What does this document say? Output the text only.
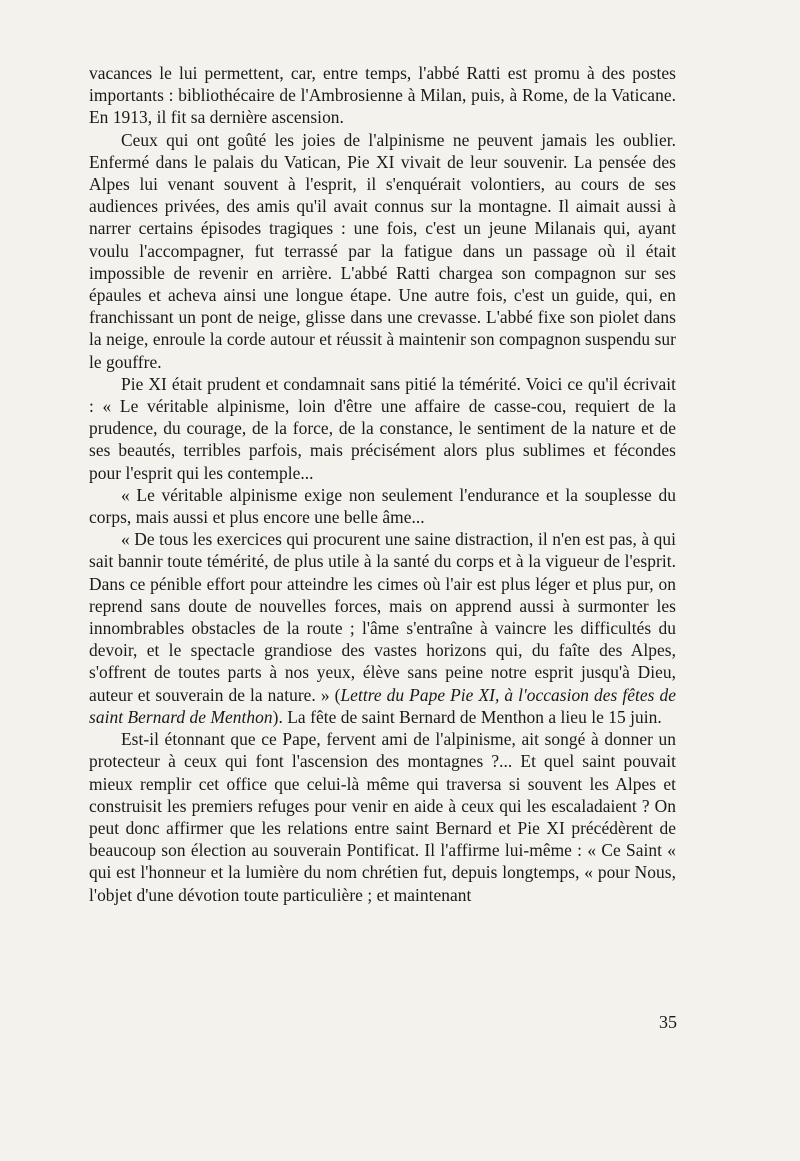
vacances le lui permettent, car, entre temps, l'abbé Ratti est promu à des postes importants : bibliothécaire de l'Ambrosienne à Milan, puis, à Rome, de la Vaticane. En 1913, il fit sa dernière ascension.

Ceux qui ont goûté les joies de l'alpinisme ne peuvent jamais les oublier. Enfermé dans le palais du Vatican, Pie XI vivait de leur souvenir. La pensée des Alpes lui venant souvent à l'esprit, il s'enquérait volontiers, au cours de ses audiences privées, des amis qu'il avait connus sur la montagne. Il aimait aussi à narrer certains épisodes tragiques : une fois, c'est un jeune Milanais qui, ayant voulu l'accompagner, fut terrassé par la fatigue dans un passage où il était impossible de revenir en arrière. L'abbé Ratti chargea son compagnon sur ses épaules et acheva ainsi une longue étape. Une autre fois, c'est un guide, qui, en franchissant un pont de neige, glisse dans une crevasse. L'abbé fixe son piolet dans la neige, enroule la corde autour et réussit à maintenir son compagnon suspendu sur le gouffre.

Pie XI était prudent et condamnait sans pitié la témérité. Voici ce qu'il écrivait : « Le véritable alpinisme, loin d'être une affaire de casse-cou, requiert de la prudence, du courage, de la force, de la constance, le sentiment de la nature et de ses beautés, terribles parfois, mais précisément alors plus sublimes et fécondes pour l'esprit qui les contemple...

« Le véritable alpinisme exige non seulement l'endurance et la souplesse du corps, mais aussi et plus encore une belle âme...

« De tous les exercices qui procurent une saine distraction, il n'en est pas, à qui sait bannir toute témérité, de plus utile à la santé du corps et à la vigueur de l'esprit. Dans ce pénible effort pour atteindre les cimes où l'air est plus léger et plus pur, on reprend sans doute de nouvelles forces, mais on apprend aussi à surmonter les innombrables obstacles de la route ; l'âme s'entraîne à vaincre les difficultés du devoir, et le spectacle grandiose des vastes horizons qui, du faîte des Alpes, s'offrent de toutes parts à nos yeux, élève sans peine notre esprit jusqu'à Dieu, auteur et souverain de la nature. » (Lettre du Pape Pie XI, à l'occasion des fêtes de saint Bernard de Menthon). La fête de saint Bernard de Menthon a lieu le 15 juin.

Est-il étonnant que ce Pape, fervent ami de l'alpinisme, ait songé à donner un protecteur à ceux qui font l'ascension des montagnes ?... Et quel saint pouvait mieux remplir cet office que celui-là même qui traversa si souvent les Alpes et construisit les premiers refuges pour venir en aide à ceux qui les escaladaient ? On peut donc affirmer que les relations entre saint Bernard et Pie XI précédèrent de beaucoup son élection au souverain Pontificat. Il l'affirme lui-même : « Ce Saint « qui est l'honneur et la lumière du nom chrétien fut, depuis longtemps, « pour Nous, l'objet d'une dévotion toute particulière ; et maintenant

35
